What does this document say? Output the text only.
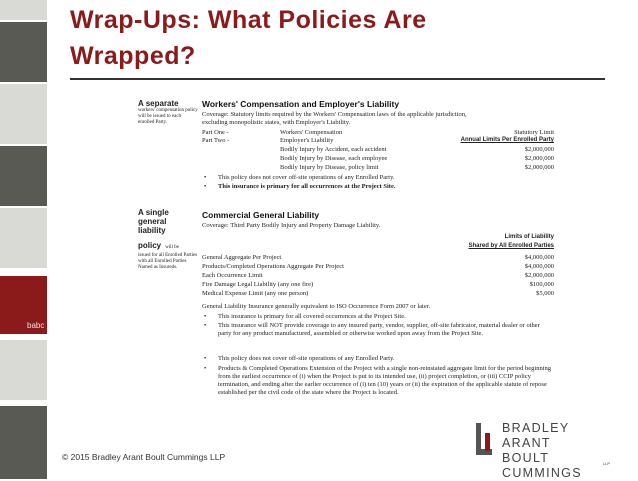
babc

Wrap-Ups: What Policies Are

Wrapped?

A separate
workers' compensation policy will be issued to each enrolled Party.
Workers' Compensation and Employer's Liability
Coverage: Statutory limits required by the Workers' Compensation laws of the applicable jurisdiction,
excluding monopolistic states, with Employer's Liability.
Part One -	Workers' Compensation	Statutory Limit
Part Two -	Employer's Liability	Annual Limits Per Enrolled Party
Bodily Injury by Accident, each accident	$2,000,000
Bodily Injury by Disease, each employee	$2,000,000
Bodily Injury by Disease, policy limit	$2,000,000
• This policy does not cover off-site operations of any Enrolled Party.
• This insurance is primary for all occurrences at the Project Site.
A single
general
liability
policy will be
issued for all Enrolled Parties with all Enrolled Parties Named as Insureds.
Commercial General Liability
Coverage: Third Party Bodily Injury and Property Damage Liability.
Limits of Liability
Shared by All Enrolled Parties
General Aggregate Per Project	$4,000,000
Products/Completed Operations Aggregate Per Project	$4,000,000
Each Occurrence Limit	$2,000,000
Fire Damage Legal Liability (any one fire)	$100,000
Medical Expense Limit (any one person)	$5,000
General Liability Insurance generally equivalent to ISO Occurrence Form 2007 or later.
• This insurance is primary for all covered occurrences at the Project Site.
• This insurance will NOT provide coverage to any insured party, vendor, supplier, off-site fabricator, material dealer or other party for any product manufactured, assembled or otherwise worked upon away from the Project Site.
• This policy does not cover off-site operations of any Enrolled Party.
• Products & Completed Operations Extension of the Project with a single non-reinstated aggregate limit for the period beginning from the earliest occurrence of (i) when the Project is put to its intended use, (ii) project completion, or (iii) CCIP policy termination, and ending after the earlier occurrence of (i) ten (10) years or (ii) the expiration of the applicable statute of repose established per the civil code of the state where the Project is located.
© 2015 Bradley Arant Boult Cummings LLP
BRADLEY ARANT
BOULT CUMMINGS
LLP
